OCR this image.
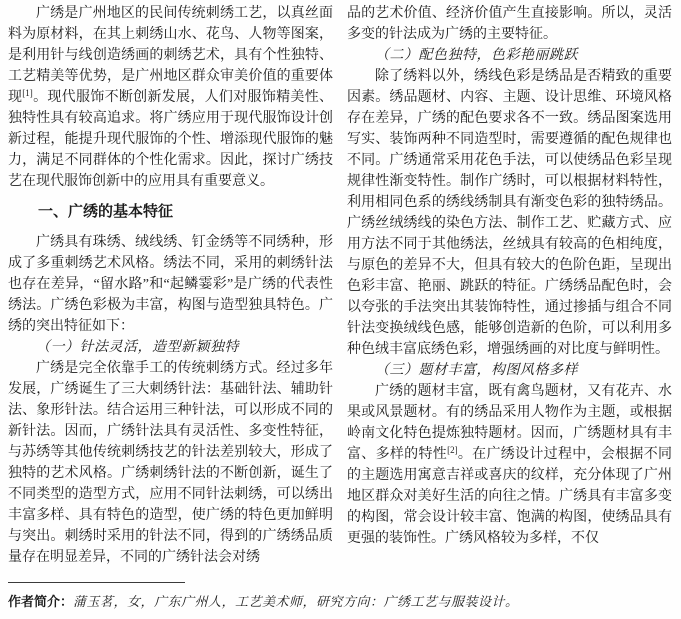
广绣是广州地区的民间传统刺绣工艺，以真丝面料为原材料，在其上刺绣山水、花鸟、人物等图案，是利用针与线创造绣画的刺绣艺术，具有个性独特、工艺精美等优势，是广州地区群众审美价值的重要体现[1]。现代服饰不断创新发展，人们对服饰精美性、独特性具有较高追求。将广绣应用于现代服饰设计创新过程，能提升现代服饰的个性、增添现代服饰的魅力，满足不同群体的个性化需求。因此，探讨广绣技艺在现代服饰创新中的应用具有重要意义。

一、广绣的基本特征

广绣具有珠绣、绒线绣、钉金绣等不同绣种，形成了多重刺绣艺术风格。绣法不同，采用的刺绣针法也存在差异，“留水路”和“起鳞霎彩”是广绣的代表性绣法。广绣色彩极为丰富，构图与造型独具特色。广绣的突出特征如下：

（一）针法灵活，造型新颖独特

广绣是完全依靠手工的传统刺绣方式。经过多年发展，广绣诞生了三大刺绣针法：基础针法、辅助针法、象形针法。结合运用三种针法，可以形成不同的新针法。因而，广绣针法具有灵活性、多变性特征，与苏绣等其他传统刺绣技艺的针法差别较大，形成了独特的艺术风格。广绣刺绣针法的不断创新，诞生了不同类型的造型方式，应用不同针法刺绣，可以绣出丰富多样、具有特色的造型，使广绣的特色更加鲜明与突出。刺绣时采用的针法不同，得到的广绣绣品质量存在明显差异，不同的广绣针法会对绣

品的艺术价值、经济价值产生直接影响。所以，灵活多变的针法成为广绣的主要特征。

（二）配色独特，色彩艳丽跳跃

除了绣料以外，绣线色彩是绣品是否精致的重要因素。绣品题材、内容、主题、设计思维、环境风格存在差异，广绣的配色要求各不一致。绣品图案选用写实、装饰两种不同造型时，需要遵循的配色规律也不同。广绣通常采用花色手法，可以使绣品色彩呈现规律性渐变特性。制作广绣时，可以根据材料特性，利用相同色系的绣线绣制具有渐变色彩的独特绣品。广绣丝绒绣线的染色方法、制作工艺、贮藏方式、应用方法不同于其他绣法，丝绒具有较高的色相纯度，与原色的差异不大，但具有较大的色阶色距，呈现出色彩丰富、艳丽、跳跃的特征。广绣绣品配色时，会以夸张的手法突出其装饰特性，通过掺插与组合不同针法变换绒线色感，能够创造新的色阶，可以利用多种色绒丰富底绣色彩，增强绣画的对比度与鲜明性。

（三）题材丰富，构图风格多样

广绣的题材丰富，既有禽鸟题材，又有花卉、水果或风景题材。有的绣品采用人物作为主题，或根据岭南文化特色提炼独特题材。因而，广绣题材具有丰富、多样的特性[2]。在广绣设计过程中，会根据不同的主题选用寓意吉祥或喜庆的纹样，充分体现了广州地区群众对美好生活的向往之情。广绣具有丰富多变的构图，常会设计较丰富、饱满的构图，使绣品具有更强的装饰性。广绣风格较为多样，不仅

作者简介：蒲玉茗，女，广东广州人，工艺美术师，研究方向：广绣工艺与服装设计。
